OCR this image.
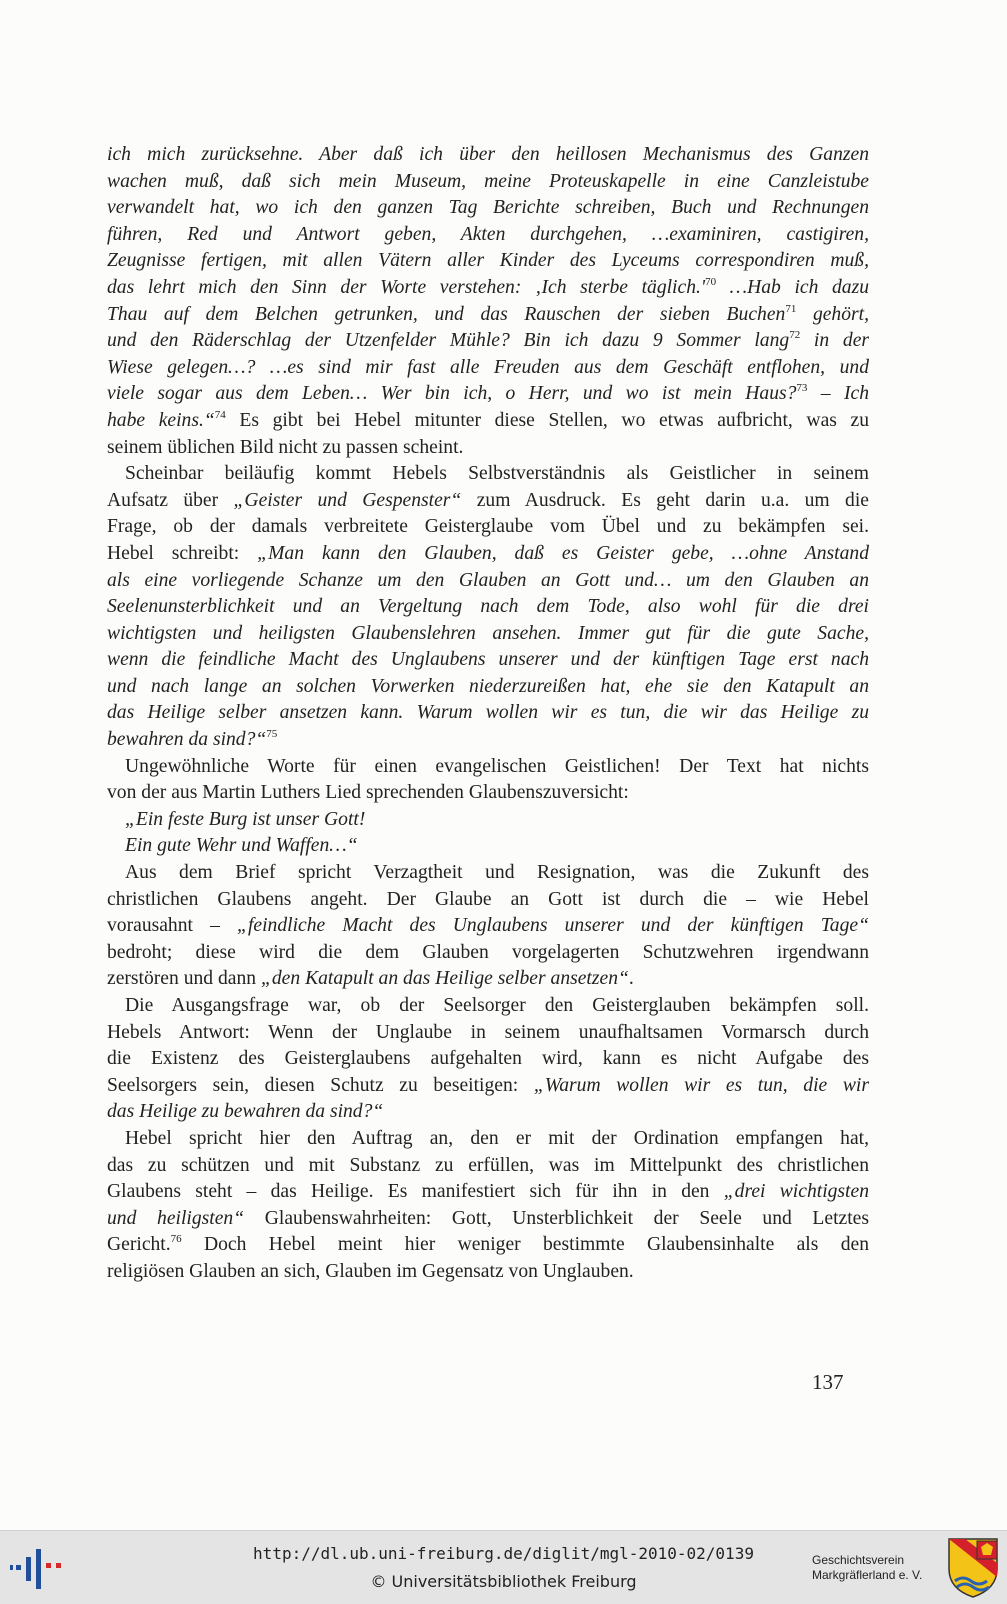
ich mich zurücksehne. Aber daß ich über den heillosen Mechanismus des Ganzen
wachen muß, daß sich mein Museum, meine Proteuskapelle in eine Canzleistube
verwandelt hat, wo ich den ganzen Tag Berichte schreiben, Buch und Rechnungen
führen, Red und Antwort geben, Akten durchgehen, …examiniren, castigiren,
Zeugnisse fertigen, mit allen Vätern aller Kinder des Lyceums correspondiren muß,
das lehrt mich den Sinn der Worte verstehen: ‚Ich sterbe $täglich.'^{70}$ …Hab ich dazu
Thau auf dem Belchen getrunken, und das Rauschen der sieben Buchen$^{71}$ gehört,
und den Räderschlag der Utzenfelder Mühle? Bin ich dazu 9 Sommer lang$^{72}$ in der
Wiese gelegen…? …es sind mir fast alle Freuden aus dem Geschäft entflohen, und
viele sogar aus dem Leben… Wer bin ich, o Herr, und wo ist mein Haus?$^{73}$ – Ich
habe keins.“$^{74}$ Es gibt bei Hebel mitunter diese Stellen, wo etwas aufbricht, was zu
seinem üblichen Bild nicht zu passen scheint.
Scheinbar beiläufig kommt Hebels Selbstverständnis als Geistlicher in seinem
Aufsatz über „Geister und Gespenster“ zum Ausdruck. Es geht darin u.a. um die
Frage, ob der damals verbreitete Geisterglaube vom Übel und zu bekämpfen sei.
Hebel schreibt: „Man kann den Glauben, daß es Geister gebe, …ohne Anstand
als eine vorliegende Schanze um den Glauben an Gott und… um den Glauben an
Seelenunsterblichkeit und an Vergeltung nach dem Tode, also wohl für die drei
wichtigsten und heiligsten Glaubenslehren ansehen. Immer gut für die gute Sache,
wenn die feindliche Macht des Unglaubens unserer und der künftigen Tage erst nach
und nach lange an solchen Vorwerken niederzureißen hat, ehe sie den Katapult an
das Heilige selber ansetzen kann. Warum wollen wir es tun, die wir das Heilige zu
bewahren da sind?“$^{75}$
Ungewöhnliche Worte für einen evangelischen Geistlichen! Der Text hat nichts
von der aus Martin Luthers Lied sprechenden Glaubenszuversicht:
„Ein feste Burg ist unser Gott!
Ein gute Wehr und Waffen…“
Aus dem Brief spricht Verzagtheit und Resignation, was die Zukunft des
christlichen Glaubens angeht. Der Glaube an Gott ist durch die – wie Hebel
vorausahnt – „feindliche Macht des Unglaubens unserer und der künftigen Tage“
bedroht; diese wird die dem Glauben vorgelagerten Schutzwehren irgendwann
zerstören und dann „den Katapult an das Heilige selber ansetzen“.
Die Ausgangsfrage war, ob der Seelsorger den Geisterglauben bekämpfen soll.
Hebels Antwort: Wenn der Unglaube in seinem unaufhaltsamen Vormarsch durch
die Existenz des Geisterglaubens aufgehalten wird, kann es nicht Aufgabe des
Seelsorgers sein, diesen Schutz zu beseitigen: „Warum wollen wir es tun, die wir
das Heilige zu bewahren da sind?“
Hebel spricht hier den Auftrag an, den er mit der Ordination empfangen hat,
das zu schützen und mit Substanz zu erfüllen, was im Mittelpunkt des christlichen
Glaubens steht – das Heilige. Es manifestiert sich für ihn in den „drei wichtigsten
und heiligsten“ Glaubenswahrheiten: Gott, Unsterblichkeit der Seele und Letztes
Gericht.$^{76}$ Doch Hebel meint hier weniger bestimmte Glaubensinhalte als den
religiösen Glauben an sich, Glauben im Gegensatz von Unglauben.
137
http://dl.ub.uni-freiburg.de/diglit/mgl-2010-02/0139
© Universitätsbibliothek Freiburg
Geschichtsverein
Markgräflerland e. V.
